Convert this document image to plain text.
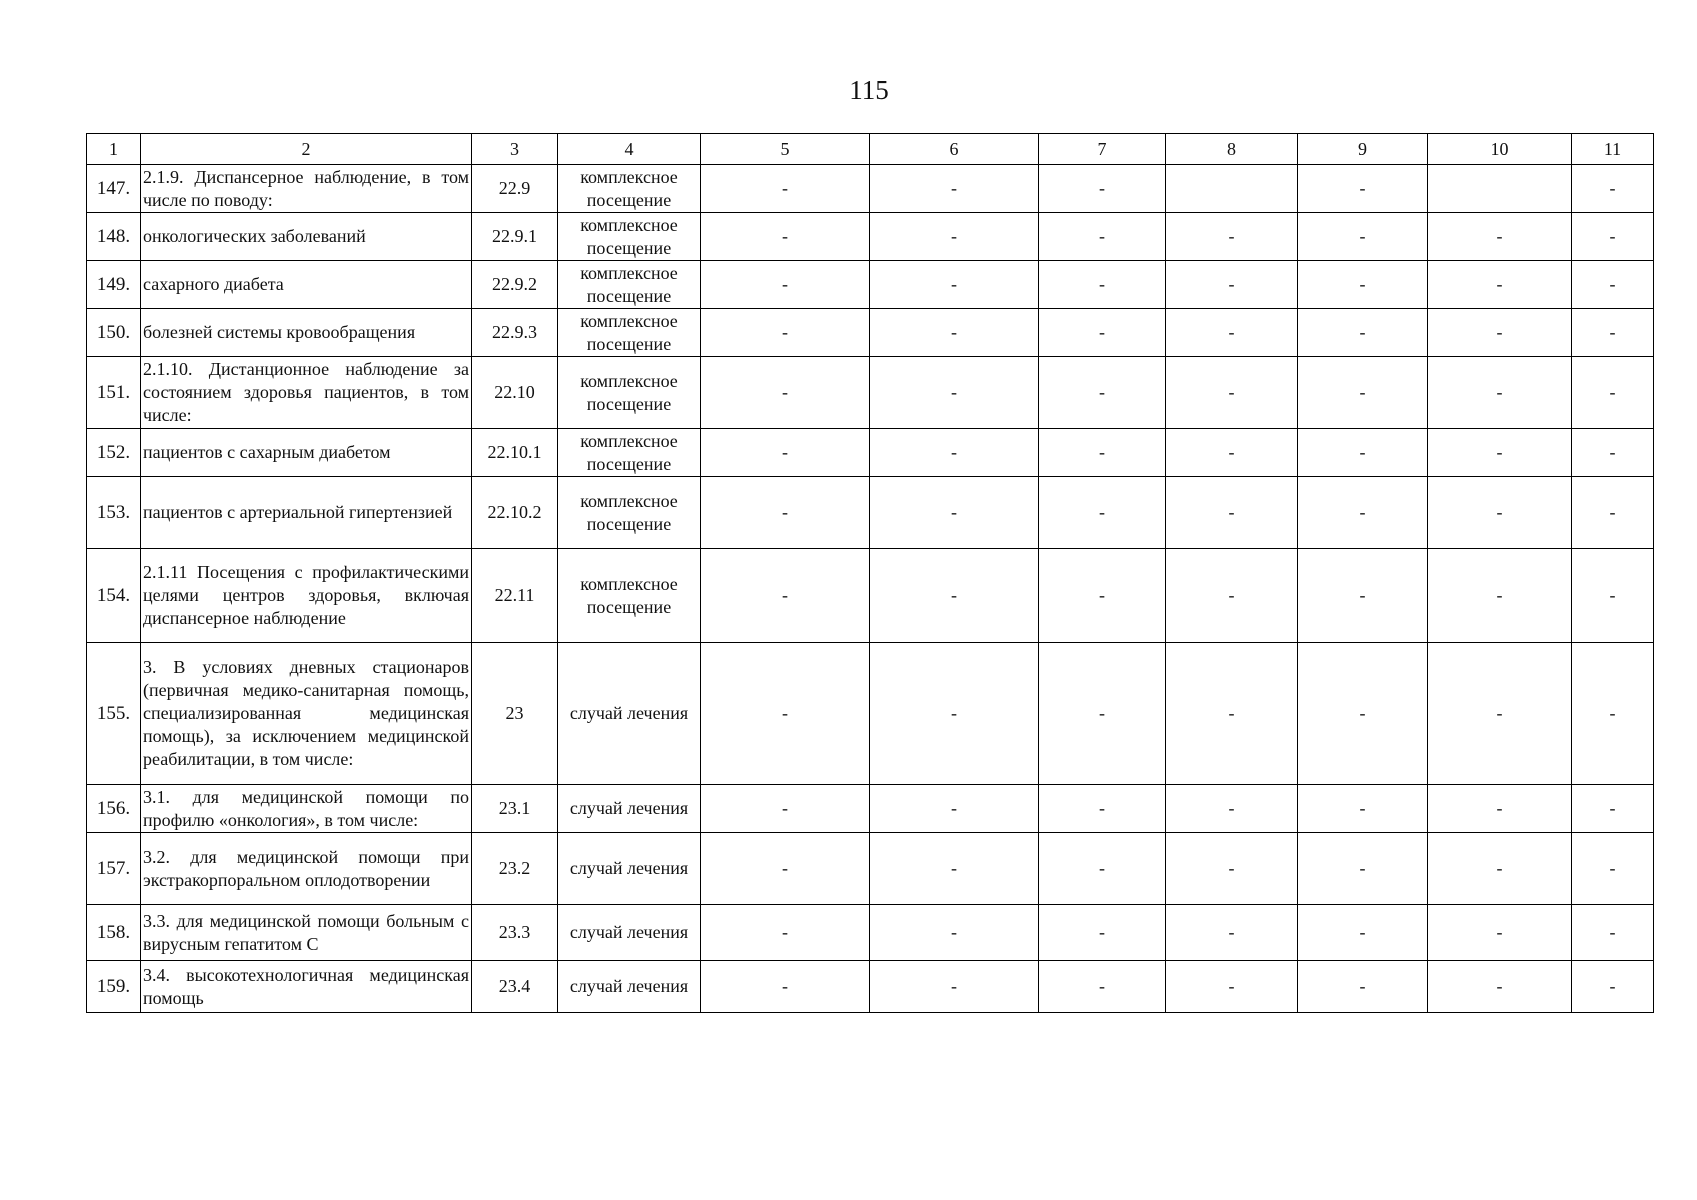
115
1	2	3	4	5	6	7	8	9	10	11
147.	2.1.9. Диспансерное наблюдение, в том числе по поводу:	22.9	комплексное посещение	-	-	-		-		-
148.	онкологических заболеваний	22.9.1	комплексное посещение	-	-	-	-	-	-	-
149.	сахарного диабета	22.9.2	комплексное посещение	-	-	-	-	-	-	-
150.	болезней системы кровообращения	22.9.3	комплексное посещение	-	-	-	-	-	-	-
151.	2.1.10. Дистанционное наблюдение за состоянием здоровья пациентов, в том числе:	22.10	комплексное посещение	-	-	-	-	-	-	-
152.	пациентов с сахарным диабетом	22.10.1	комплексное посещение	-	-	-	-	-	-	-
153.	пациентов с артериальной гипертензией	22.10.2	комплексное посещение	-	-	-	-	-	-	-
154.	2.1.11 Посещения с профилактическими целями центров здоровья, включая диспансерное наблюдение	22.11	комплексное посещение	-	-	-	-	-	-	-
155.	3. В условиях дневных стационаров (первичная медико-санитарная помощь, специализированная медицинская помощь), за исключением медицинской реабилитации, в том числе:	23	случай лечения	-	-	-	-	-	-	-
156.	3.1. для медицинской помощи по профилю «онкология», в том числе:	23.1	случай лечения	-	-	-	-	-	-	-
157.	3.2. для медицинской помощи при экстракорпоральном оплодотворении	23.2	случай лечения	-	-	-	-	-	-	-
158.	3.3. для медицинской помощи больным с вирусным гепатитом С	23.3	случай лечения	-	-	-	-	-	-	-
159.	3.4. высокотехнологичная медицинская помощь	23.4	случай лечения	-	-	-	-	-	-	-
